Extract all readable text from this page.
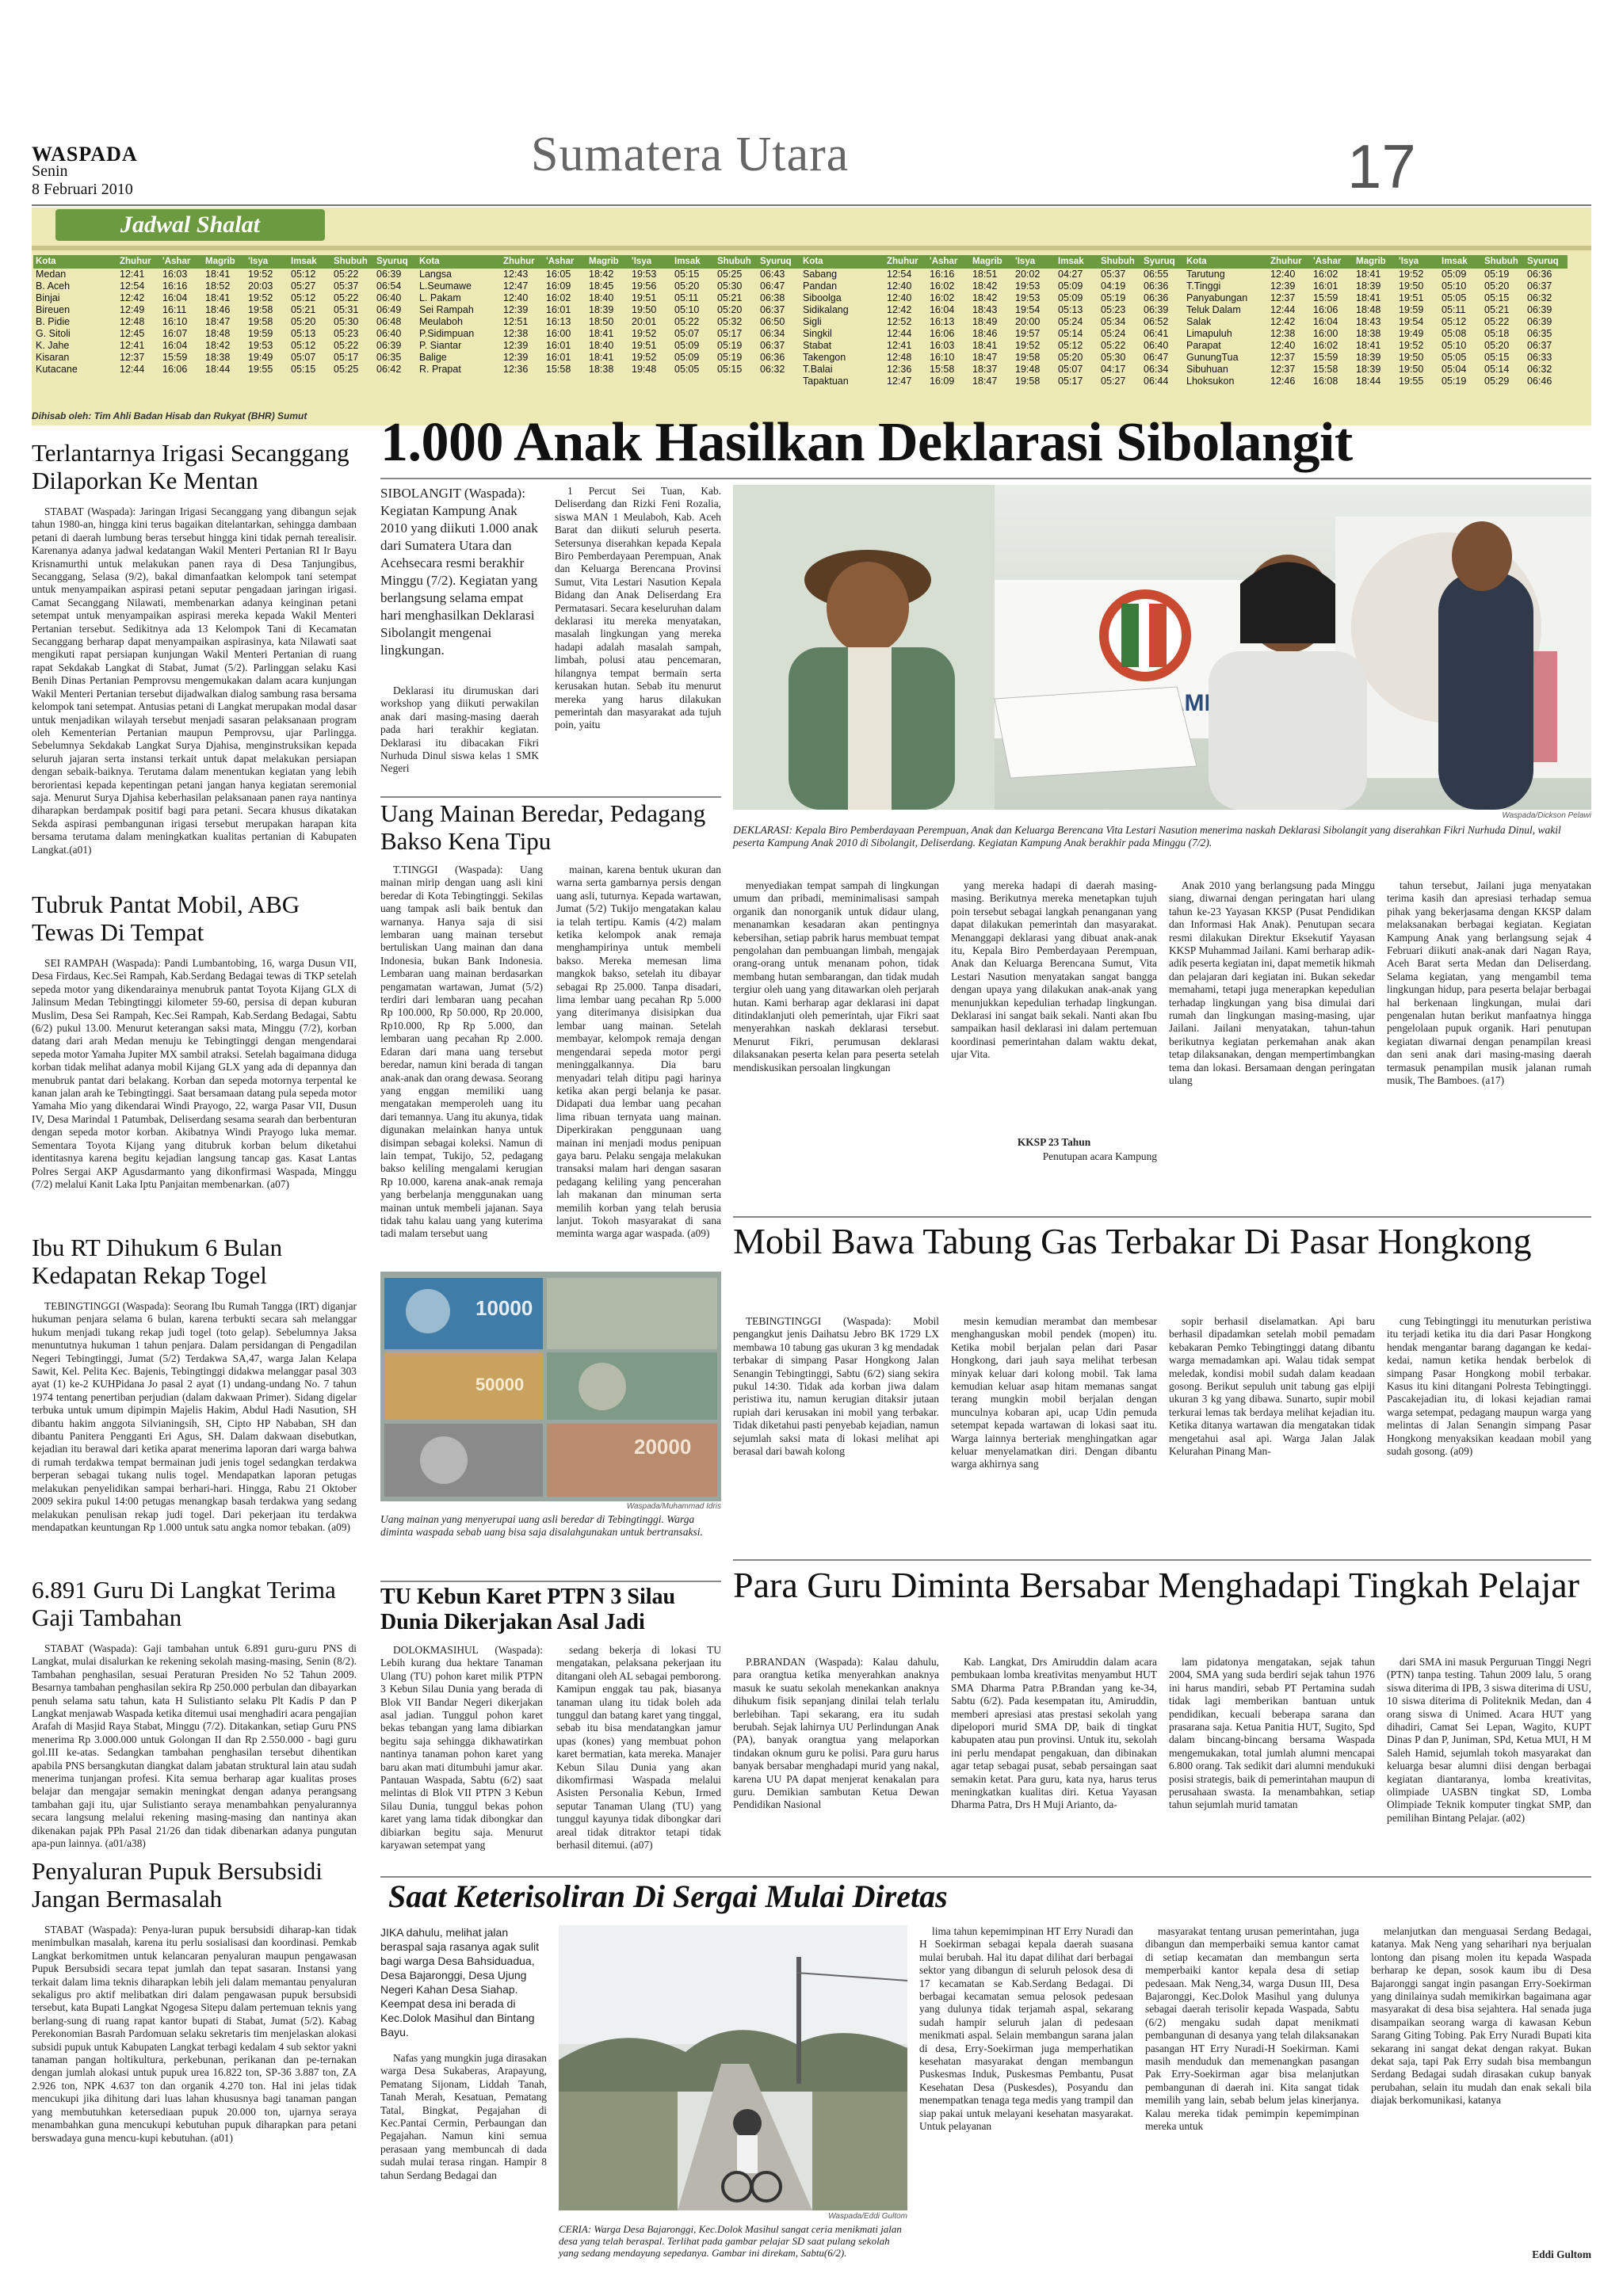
WASPADA
Senin
8 Februari 2010
Sumatera Utara	17
Jadwal Shalat
Kota	Zhuhur	'Ashar	Magrib	'Isya	Imsak	Shubuh	Syuruq
Medan	12:41	16:03	18:41	19:52	05:12	05:22	06:39
B. Aceh	12:54	16:16	18:52	20:03	05:27	05:37	06:54
Binjai	12:42	16:04	18:41	19:52	05:12	05:22	06:40
Bireuen	12:49	16:11	18:46	19:58	05:21	05:31	06:49
B. Pidie	12:48	16:10	18:47	19:58	05:20	05:30	06:48
G. Sitoli	12:45	16:07	18:48	19:59	05:13	05:23	06:40
K. Jahe	12:41	16:04	18:42	19:53	05:12	05:22	06:39
Kisaran	12:37	15:59	18:38	19:49	05:07	05:17	06:35
Kutacane	12:44	16:06	18:44	19:55	05:15	05:25	06:42
Kota	Zhuhur	'Ashar	Magrib	'Isya	Imsak	Shubuh	Syuruq
Langsa	12:43	16:05	18:42	19:53	05:15	05:25	06:43
L.Seumawe	12:47	16:09	18:45	19:56	05:20	05:30	06:47
L. Pakam	12:40	16:02	18:40	19:51	05:11	05:21	06:38
Sei Rampah	12:39	16:01	18:39	19:50	05:10	05:20	06:37
Meulaboh	12:51	16:13	18:50	20:01	05:22	05:32	06:50
P.Sidimpuan	12:38	16:00	18:41	19:52	05:07	05:17	06:34
P. Siantar	12:39	16:01	18:40	19:51	05:09	05:19	06:37
Balige	12:39	16:01	18:41	19:52	05:09	05:19	06:36
R. Prapat	12:36	15:58	18:38	19:48	05:05	05:15	06:32
Kota	Zhuhur	'Ashar	Magrib	'Isya	Imsak	Shubuh	Syuruq
Sabang	12:54	16:16	18:51	20:02	04:27	05:37	06:55
Pandan	12:40	16:02	18:42	19:53	05:09	04:19	06:36
Siboolga	12:40	16:02	18:42	19:53	05:09	05:19	06:36
Sidikalang	12:42	16:04	18:43	19:54	05:13	05:23	06:39
Sigli	12:52	16:13	18:49	20:00	05:24	05:34	06:52
Singkil	12:44	16:06	18:46	19:57	05:14	05:24	06:41
Stabat	12:41	16:03	18:41	19:52	05:12	05:22	06:40
Takengon	12:48	16:10	18:47	19:58	05:20	05:30	06:47
T.Balai	12:36	15:58	18:37	19:48	05:07	04:17	06:34
Tapaktuan	12:47	16:09	18:47	19:58	05:17	05:27	06:44
Kota	Zhuhur	'Ashar	Magrib	'Isya	Imsak	Shubuh	Syuruq
Tarutung	12:40	16:02	18:41	19:52	05:09	05:19	06:36
T.Tinggi	12:39	16:01	18:39	19:50	05:10	05:20	06:37
Panyabungan	12:37	15:59	18:41	19:51	05:05	05:15	06:32
Teluk Dalam	12:44	16:06	18:48	19:59	05:11	05:21	06:39
Salak	12:42	16:04	18:43	19:54	05:12	05:22	06:39
Limapuluh	12:38	16:00	18:38	19:49	05:08	05:18	06:35
Parapat	12:40	16:02	18:41	19:52	05:10	05:20	06:37
GunungTua	12:37	15:59	18:39	19:50	05:05	05:15	06:33
Sibuhuan	12:37	15:58	18:39	19:50	05:04	05:14	06:32
Lhoksukon	12:46	16:08	18:44	19:55	05:19	05:29	06:46
Dihisab oleh: Tim Ahli Badan Hisab dan Rukyat (BHR) Sumut
Terlantarnya Irigasi Secanggang Dilaporkan Ke Mentan

STABAT (Waspada): Jaringan Irigasi Secanggang yang dibangun sejak tahun 1980-an, hingga kini terus bagaikan ditelantarkan, sehingga dambaan petani di daerah lumbung beras tersebut hingga kini tidak pernah terealisir. Karenanya adanya jadwal kedatangan Wakil Menteri Pertanian RI Ir Bayu Krisnamurthi untuk melakukan panen raya di Desa Tanjungibus, Secanggang, Selasa (9/2), bakal dimanfaatkan kelompok tani setempat untuk menyampaikan aspirasi petani seputar pengadaan jaringan irigasi. Camat Secanggang Nilawati, membenarkan adanya keinginan petani setempat untuk menyampaikan aspirasi mereka kepada Wakil Menteri Pertanian tersebut. Sedikitnya ada 13 Kelompok Tani di Kecamatan Secanggang berharap dapat menyampaikan aspirasinya, kata Nilawati saat mengikuti rapat persiapan kunjungan Wakil Menteri Pertanian di ruang rapat Sekdakab Langkat di Stabat, Jumat (5/2). Parlinggan selaku Kasi Benih Dinas Pertanian Pemprovsu mengemukakan dalam acara kunjungan Wakil Menteri Pertanian tersebut dijadwalkan dialog sambung rasa bersama kelompok tani setempat. Antusias petani di Langkat merupakan modal dasar untuk menjadikan wilayah tersebut menjadi sasaran pelaksanaan program oleh Kementerian Pertanian maupun Pemprovsu, ujar Parlingga. Sebelumnya Sekdakab Langkat Surya Djahisa, menginstruksikan kepada seluruh jajaran serta instansi terkait untuk dapat melakukan persiapan dengan sebaik-baiknya. Terutama dalam menentukan kegiatan yang lebih berorientasi kepada kepentingan petani jangan hanya kegiatan seremonial saja. Menurut Surya Djahisa keberhasilan pelaksanaan panen raya nantinya diharapkan berdampak positif bagi para petani. Secara khusus dikatakan Sekda aspirasi pembangunan irigasi tersebut merupakan harapan kita bersama terutama dalam meningkatkan kualitas pertanian di Kabupaten Langkat.(a01)

Tubruk Pantat Mobil, ABG Tewas Di Tempat

SEI RAMPAH (Waspada): Pandi Lumbantobing, 16, warga Dusun VII, Desa Firdaus, Kec.Sei Rampah, Kab.Serdang Bedagai tewas di TKP setelah sepeda motor yang dikendarainya menubruk pantat Toyota Kijang GLX di Jalinsum Medan Tebingtinggi kilometer 59-60, persisa di depan kuburan Muslim, Desa Sei Rampah, Kec.Sei Rampah, Kab.Serdang Bedagai, Sabtu (6/2) pukul 13.00. Menurut keterangan saksi mata, Minggu (7/2), korban datang dari arah Medan menuju ke Tebingtinggi dengan mengendarai sepeda motor Yamaha Jupiter MX sambil atraksi. Setelah bagaimana diduga korban tidak melihat adanya mobil Kijang GLX yang ada di depannya dan menubruk pantat dari belakang. Korban dan sepeda motornya terpental ke kanan jalan arah ke Tebingtinggi. Saat bersamaan datang pula sepeda motor Yamaha Mio yang dikendarai Windi Prayogo, 22, warga Pasar VII, Dusun IV, Desa Marindal 1 Patumbak, Deliserdang sesama searah dan berbenturan dengan sepeda motor korban. Akibatnya Windi Prayogo luka memar. Sementara Toyota Kijang yang ditubruk korban belum diketahui identitasnya karena begitu kejadian langsung tancap gas. Kasat Lantas Polres Sergai AKP Agusdarmanto yang dikonfirmasi Waspada, Minggu (7/2) melalui Kanit Laka Iptu Panjaitan membenarkan. (a07)

Ibu RT Dihukum 6 Bulan Kedapatan Rekap Togel

TEBINGTINGGI (Waspada): Seorang Ibu Rumah Tangga (IRT) diganjar hukuman penjara selama 6 bulan, karena terbukti secara sah melanggar hukum menjadi tukang rekap judi togel (toto gelap). Sebelumnya Jaksa menuntutnya hukuman 1 tahun penjara. Dalam persidangan di Pengadilan Negeri Tebingtinggi, Jumat (5/2) Terdakwa SA,47, warga Jalan Kelapa Sawit, Kel. Pelita Kec. Bajenis, Tebingtinggi didakwa melanggar pasal 303 ayat (1) ke-2 KUHPidana Jo pasal 2 ayat (1) undang-undang No. 7 tahun 1974 tentang penertiban perjudian (dalam dakwaan Primer). Sidang digelar terbuka untuk umum dipimpin Majelis Hakim, Abdul Hadi Nasution, SH dibantu hakim anggota Silvianingsih, SH, Cipto HP Nababan, SH dan dibantu Panitera Pengganti Eri Agus, SH. Dalam dakwaan disebutkan, kejadian itu berawal dari ketika aparat menerima laporan dari warga bahwa di rumah terdakwa tempat bermainan judi jenis togel sedangkan terdakwa berperan sebagai tukang nulis togel. Mendapatkan laporan petugas melakukan penyelidikan sampai berhari-hari. Hingga, Rabu 21 Oktober 2009 sekira pukul 14:00 petugas menangkap basah terdakwa yang sedang melakukan penulisan rekap judi togel. Dari pekerjaan itu terdakwa mendapatkan keuntungan Rp 1.000 untuk satu angka nomor tebakan. (a09)

6.891 Guru Di Langkat Terima Gaji Tambahan

STABAT (Waspada): Gaji tambahan untuk 6.891 guru-guru PNS di Langkat, mulai disalurkan ke rekening sekolah masing-masing, Senin (8/2). Tambahan penghasilan, sesuai Peraturan Presiden No 52 Tahun 2009. Besarnya tambahan penghasilan sekira Rp 250.000 perbulan dan dibayarkan penuh selama satu tahun, kata H Sulistianto selaku Plt Kadis P dan P Langkat menjawab Waspada ketika ditemui usai menghadiri acara pengajian Arafah di Masjid Raya Stabat, Minggu (7/2). Ditakankan, setiap Guru PNS menerima Rp 3.000.000 untuk Golongan II dan Rp 2.550.000 - bagi guru gol.III ke-atas. Sedangkan tambahan penghasilan tersebut dihentikan apabila PNS bersangkutan diangkat dalam jabatan struktural lain atau sudah menerima tunjangan profesi. Kita semua berharap agar kualitas proses belajar dan mengajar semakin meningkat dengan adanya perangsang tambahan gaji itu, ujar Sulistianto seraya menambahkan penyalurannya secara langsung melalui rekening masing-masing dan nantinya akan dikenakan pajak PPh Pasal 21/26 dan tidak dibenarkan adanya pungutan apa-pun lainnya. (a01/a38)

Penyaluran Pupuk Bersubsidi Jangan Bermasalah

STABAT (Waspada): Penya-luran pupuk bersubsidi diharap-kan tidak menimbulkan masalah, karena itu perlu sosialisasi dan koordinasi. Pemkab Langkat berkomitmen untuk kelancaran penyaluran maupun pengawasan Pupuk Bersubsidi secara tepat jumlah dan tepat sasaran. Instansi yang terkait dalam lima teknis diharapkan lebih jeli dalam memantau penyaluran sekaligus pro aktif melibatkan diri dalam pengawasan pupuk bersubsidi tersebut, kata Bupati Langkat Ngogesa Sitepu dalam pertemuan teknis yang berlang-sung di ruang rapat kantor bupati di Stabat, Jumat (5/2). Kabag Perekonomian Basrah Pardomuan selaku sekretaris tim menjelaskan alokasi subsidi pupuk untuk Kabupaten Langkat terbagi kedalam 4 sub sektor yakni tanaman pangan holtikultura, perkebunan, perikanan dan pe-ternakan dengan jumlah alokasi untuk pupuk urea 16.822 ton, SP-36 3.887 ton, ZA 2.926 ton, NPK 4.637 ton dan organik 4.270 ton. Hal ini jelas tidak mencukupi jika dihitung dari luas lahan khususnya bagi tanaman pangan yang membutuhkan ketersediaan pupuk 20.000 ton, ujarnya seraya menambahkan guna mencukupi kebutuhan pupuk diharapkan para petani berswadaya guna mencu-kupi kebutuhan. (a01)

1.000 Anak Hasilkan Deklarasi Sibolangit

SIBOLANGIT (Waspada): Kegiatan Kampung Anak 2010 yang diikuti 1.000 anak dari Sumatera Utara dan Acehsecara resmi berakhir Minggu (7/2). Kegiatan yang berlangsung selama empat hari menghasilkan Deklarasi Sibolangit mengenai lingkungan.

Deklarasi itu dirumuskan dari workshop yang diikuti perwakilan anak dari masing-masing daerah pada hari terakhir kegiatan. Deklarasi itu dibacakan Fikri Nurhuda Dinul siswa kelas 1 SMK Negeri

1 Percut Sei Tuan, Kab. Deliserdang dan Rizki Feni Rozalia, siswa MAN 1 Meulaboh, Kab. Aceh Barat dan diikuti seluruh peserta. Setersunya diserahkan kepada Kepala Biro Pemberdayaan Perempuan, Anak dan Keluarga Berencana Provinsi Sumut, Vita Lestari Nasution Kepala Bidang dan Anak Deliserdang Era Permatasari. Secara keseluruhan dalam deklarasi itu mereka menyatakan, masalah lingkungan yang mereka hadapi adalah masalah sampah, limbah, polusi atau pencemaran, hilangnya tempat bermain serta kerusakan hutan. Sebab itu menurut mereka yang harus dilakukan pemerintah dan masyarakat ada tujuh poin, yaitu

Waspada/Dickson Pelawi
DEKLARASI: Kepala Biro Pemberdayaan Perempuan, Anak dan Keluarga Berencana Vita Lestari Nasution menerima naskah Deklarasi Sibolangit yang diserahkan Fikri Nurhuda Dinul, wakil peserta Kampung Anak 2010 di Sibolangit, Deliserdang. Kegiatan Kampung Anak berakhir pada Minggu (7/2).

menyediakan tempat sampah di lingkungan umum dan pribadi, meminimalisasi sampah organik dan nonorganik untuk didaur ulang, menanamkan kesadaran akan pentingnya kebersihan, setiap pabrik harus membuat tempat pengolahan dan pembuangan limbah, mengajak orang-orang untuk menanam pohon, tidak membang hutan sembarangan, dan tidak mudah tergiur oleh uang yang ditawarkan oleh perjarah hutan. Kami berharap agar deklarasi ini dapat ditindaklanjuti oleh pemerintah, ujar Fikri saat menyerahkan naskah deklarasi tersebut. Menurut Fikri, perumusan deklarasi dilaksanakan peserta kelan para peserta setelah mendiskusikan persoalan lingkungan

yang mereka hadapi di daerah masing-masing. Berikutnya mereka menetapkan tujuh poin tersebut sebagai langkah penanganan yang dapat dilakukan pemerintah dan masyarakat. Menanggapi deklarasi yang dibuat anak-anak itu, Kepala Biro Pemberdayaan Perempuan, Anak dan Keluarga Berencana Sumut, Vita Lestari Nasution menyatakan sangat bangga dengan upaya yang dilakukan anak-anak yang menunjukkan kepedulian terhadap lingkungan. Deklarasi ini sangat baik sekali. Nanti akan Ibu sampaikan hasil deklarasi ini dalam pertemuan koordinasi pemerintahan dalam waktu dekat, ujar Vita.

KKSP 23 Tahun
Penutupan acara Kampung

Anak 2010 yang berlangsung pada Minggu siang, diwarnai dengan peringatan hari ulang tahun ke-23 Yayasan KKSP (Pusat Pendidikan dan Informasi Hak Anak). Penutupan secara resmi dilakukan Direktur Eksekutif Yayasan KKSP Muhammad Jailani. Kami berharap adik-adik peserta kegiatan ini, dapat memetik hikmah dan pelajaran dari kegiatan ini. Bukan sekedar memahami, tetapi juga menerapkan kepedulian terhadap lingkungan yang bisa dimulai dari rumah dan lingkungan masing-masing, ujar Jailani. Jailani menyatakan, tahun-tahun berikutnya kegiatan perkemahan anak akan tetap dilaksanakan, dengan mempertimbangkan tema dan lokasi. Bersamaan dengan peringatan ulang

tahun tersebut, Jailani juga menyatakan terima kasih dan apresiasi terhadap semua pihak yang bekerjasama dengan KKSP dalam melaksanakan berbagai kegiatan. Kegiatan Kampung Anak yang berlangsung sejak 4 Februari diikuti anak-anak dari Nagan Raya, Aceh Barat serta Medan dan Deliserdang. Selama kegiatan, yang mengambil tema lingkungan hidup, para peserta belajar berbagai hal berkenaan lingkungan, mulai dari pengenalan hutan berikut manfaatnya hingga pengelolaan pupuk organik. Hari penutupan kegiatan diwarnai dengan penampilan kreasi dan seni anak dari masing-masing daerah termasuk penampilan musik jalanan rumah musik, The Bamboes. (a17)

Uang Mainan Beredar, Pedagang Bakso Kena Tipu

T.TINGGI (Waspada): Uang mainan mirip dengan uang asli kini beredar di Kota Tebingtinggi. Sekilas uang tampak asli baik bentuk dan warnanya. Hanya saja di sisi lembaran uang mainan tersebut bertuliskan Uang mainan dan dana Indonesia, bukan Bank Indonesia. Lembaran uang mainan berdasarkan pengamatan wartawan, Jumat (5/2) terdiri dari lembaran uang pecahan Rp 100.000, Rp 50.000, Rp 20.000, Rp10.000, Rp Rp 5.000, dan lembaran uang pecahan Rp 2.000. Edaran dari mana uang tersebut beredar, namun kini berada di tangan anak-anak dan orang dewasa. Seorang yang enggan memiliki uang mengatakan memperoleh uang itu dari temannya. Uang itu akunya, tidak digunakan melainkan hanya untuk disimpan sebagai koleksi. Namun di lain tempat, Tukijo, 52, pedagang bakso keliling mengalami kerugian Rp 10.000, karena anak-anak remaja yang berbelanja menggunakan uang mainan untuk membeli jajanan. Saya tidak tahu kalau uang yang kuterima tadi malam tersebut uang

mainan, karena bentuk ukuran dan warna serta gambarnya persis dengan uang asli, tuturnya. Kepada wartawan, Jumat (5/2) Tukijo mengatakan kalau ia telah tertipu. Kamis (4/2) malam ketika kelompok anak remaja menghampirinya untuk membeli bakso. Mereka memesan lima mangkok bakso, setelah itu dibayar sebagai Rp 25.000. Tanpa disadari, lima lembar uang pecahan Rp 5.000 yang diterimanya disisipkan dua lembar uang mainan. Setelah membayar, kelompok remaja dengan mengendarai sepeda motor pergi meninggalkannya. Dia baru menyadari telah ditipu pagi harinya ketika akan pergi belanja ke pasar. Didapati dua lembar uang pecahan lima ribuan ternyata uang mainan. Diperkirakan penggunaan uang mainan ini menjadi modus penipuan gaya baru. Pelaku sengaja melakukan transaksi malam hari dengan sasaran pedagang keliling yang pencerahan lah makanan dan minuman serta memilih korban yang telah berusia lanjut. Tokoh masyarakat di sana meminta warga agar waspada. (a09)

10000
20000
50000
Waspada/Muhammad Idris
Uang mainan yang menyerupai uang asli beredar di Tebingtinggi. Warga diminta waspada sebab uang bisa saja disalahgunakan untuk bertransaksi.
Mobil Bawa Tabung Gas Terbakar Di Pasar Hongkong

TEBINGTINGGI (Waspada): Mobil pengangkut jenis Daihatsu Jebro BK 1729 LX membawa 10 tabung gas ukuran 3 kg mendadak terbakar di simpang Pasar Hongkong Jalan Senangin Tebingtinggi, Sabtu (6/2) siang sekira pukul 14:30. Tidak ada korban jiwa dalam peristiwa itu, namun kerugian ditaksir jutaan rupiah dari kerusakan ini mobil yang terbakar. Tidak diketahui pasti penyebab kejadian, namun sejumlah saksi mata di lokasi melihat api berasal dari bawah kolong

mesin kemudian merambat dan membesar menghanguskan mobil pendek (mopen) itu. Ketika mobil berjalan pelan dari Pasar Hongkong, dari jauh saya melihat terbesan minyak keluar dari kolong mobil. Tak lama kemudian keluar asap hitam memanas sangat terang mungkin mobil berjalan dengan munculnya kobaran api, ucap Udin pemuda setempat kepada wartawan di lokasi saat itu. Warga lainnya berteriak menghingatkan agar keluar menyelamatkan diri. Dengan dibantu warga akhirnya sang

sopir berhasil diselamatkan. Api baru berhasil dipadamkan setelah mobil pemadam kebakaran Pemko Tebingtinggi datang dibantu warga memadamkan api. Walau tidak sempat meledak, kondisi mobil sudah dalam keadaan gosong. Berikut sepuluh unit tabung gas elpiji ukuran 3 kg yang dibawa. Sunarto, supir mobil terkurai lemas tak berdaya melihat kejadian itu. Ketika ditanya wartawan dia mengatakan tidak mengetahui asal api. Warga Jalan Jalak Kelurahan Pinang Man-

cung Tebingtinggi itu menuturkan peristiwa itu terjadi ketika itu dia dari Pasar Hongkong hendak mengantar barang dagangan ke kedai-kedai, namun ketika hendak berbelok di simpang Pasar Hongkong mobil terbakar. Kasus itu kini ditangani Polresta Tebingtinggi. Pascakejadian itu, di lokasi kejadian ramai warga setempat, pedagang maupun warga yang melintas di Jalan Senangin simpang Pasar Hongkong menyaksikan keadaan mobil yang sudah gosong. (a09)

Para Guru Diminta Bersabar Menghadapi Tingkah Pelajar

P.BRANDAN (Waspada): Kalau dahulu, para orangtua ketika menyerahkan anaknya masuk ke suatu sekolah menekankan anaknya dihukum fisik sepanjang dinilai telah terlalu berlebihan. Tapi sekarang, era itu sudah berubah. Sejak lahirnya UU Perlindungan Anak (PA), banyak orangtua yang melaporkan tindakan oknum guru ke polisi. Para guru harus banyak bersabar menghadapi murid yang nakal, karena UU PA dapat menjerat kenakalan para guru. Demikian sambutan Ketua Dewan Pendidikan Nasional

Kab. Langkat, Drs Amiruddin dalam acara pembukaan lomba kreativitas menyambut HUT SMA Dharma Patra P.Brandan yang ke-34, Sabtu (6/2). Pada kesempatan itu, Amiruddin, memberi apresiasi atas prestasi sekolah yang dipelopori murid SMA DP, baik di tingkat kabupaten atau pun provinsi. Untuk itu, sekolah ini perlu mendapat pengakuan, dan dibinakan agar tetap sebagai pusat, sebab persaingan saat semakin ketat. Para guru, kata nya, harus terus meningkatkan kualitas diri. Ketua Yayasan Dharma Patra, Drs H Muji Arianto, da-

lam pidatonya mengatakan, sejak tahun 2004, SMA yang suda berdiri sejak tahun 1976 ini harus mandiri, sebab PT Pertamina sudah tidak lagi memberikan bantuan untuk pendidikan, kecuali beberapa sarana dan prasarana saja. Ketua Panitia HUT, Sugito, Spd dalam bincang-bincang bersama Waspada mengemukakan, total jumlah alumni mencapai 6.800 orang. Tak sedikit dari alumni mendukuki posisi strategis, baik di pemerintahan maupun di perusahaan swasta. Ia menambahkan, setiap tahun sejumlah murid tamatan

dari SMA ini masuk Perguruan Tinggi Negri (PTN) tanpa testing. Tahun 2009 lalu, 5 orang siswa diterima di IPB, 3 siswa diterima di USU, 10 siswa diterima di Politeknik Medan, dan 4 orang siswa di Unimed. Acara HUT yang dihadiri, Camat Sei Lepan, Wagito, KUPT Dinas P dan P, Juniman, SPd, Ketua MUI, H M Saleh Hamid, sejumlah tokoh masyarakat dan keluarga besar alumni diisi dengan berbagai kegiatan diantaranya, lomba kreativitas, olimpiade UASBN tingkat SD, Lomba Olimpiade Teknik komputer tingkat SMP, dan pemilihan Bintang Pelajar. (a02)

TU Kebun Karet PTPN 3 Silau Dunia Dikerjakan Asal Jadi

DOLOKMASIHUL (Waspada): Lebih kurang dua hektare Tanaman Ulang (TU) pohon karet milik PTPN 3 Kebun Silau Dunia yang berada di Blok VII Bandar Negeri dikerjakan asal jadian. Tunggul pohon karet bekas tebangan yang lama dibiarkan begitu saja sehingga dikhawatirkan nantinya tanaman pohon karet yang baru akan mati ditumbuhi jamur akar. Pantauan Waspada, Sabtu (6/2) saat melintas di Blok VII PTPN 3 Kebun Silau Dunia, tunggul bekas pohon karet yang lama tidak dibongkar dan dibiarkan begitu saja. Menurut karyawan setempat yang

sedang bekerja di lokasi TU mengatakan, pelaksana pekerjaan itu ditangani oleh AL sebagai pemborong. Kamipun enggak tau pak, biasanya tanaman ulang itu tidak boleh ada tunggul dan batang karet yang tinggal, sebab itu bisa mendatangkan jamur upas (kones) yang membuat pohon karet bermatian, kata mereka. Manajer Kebun Silau Dunia yang akan dikomfirmasi Waspada melalui Asisten Personalia Kebun, Irmed seputar Tanaman Ulang (TU) yang tunggul kayunya tidak dibongkar dari areal tidak ditraktor tetapi tidak berhasil ditemui. (a07)

Saat Keterisoliran Di Sergai Mulai Diretas

JIKA dahulu, melihat jalan beraspal saja rasanya agak sulit bagi warga Desa Bahsiduadua, Desa Bajaronggi, Desa Ujung Negeri Kahan Desa Siahap. Keempat desa ini berada di Kec.Dolok Masihul dan Bintang Bayu.

Nafas yang mungkin juga dirasakan warga Desa Sukaberas, Arapayung, Pematang Sijonam, Liddah Tanah, Tanah Merah, Kesatuan, Pematang Tatal, Bingkat, Pegajahan di Kec.Pantai Cermin, Perbaungan dan Pegajahan. Namun kini semua perasaan yang membuncah di dada sudah mulai terasa ringan. Hampir 8 tahun Serdang Bedagai dan

Waspada/Eddi Gultom
CERIA: Warga Desa Bajaronggi, Kec.Dolok Masihul sangat ceria menikmati jalan desa yang telah beraspal. Terlihat pada gambar pelajar SD saat pulang sekolah yang sedang mendayung sepedanya. Gambar ini direkam, Sabtu(6/2).

lima tahun kepemimpinan HT Erry Nuradi dan H Soekirman sebagai kepala daerah suasana mulai berubah. Hal itu dapat dilihat dari berbagai sektor yang dibangun di seluruh pelosok desa di 17 kecamatan se Kab.Serdang Bedagai. Di berbagai kecamatan semua pelosok pedesaan yang dulunya tidak terjamah aspal, sekarang sudah hampir seluruh jalan di pedesaan menikmati aspal. Selain membangun sarana jalan di desa, Erry-Soekirman juga memperhatikan kesehatan masyarakat dengan membangun Puskesmas Induk, Puskesmas Pembantu, Pusat Kesehatan Desa (Puskesdes), Posyandu dan menempatkan tenaga tega medis yang trampil dan siap pakai untuk melayani kesehatan masyarakat. Untuk pelayanan

masyarakat tentang urusan pemerintahan, juga dibangun dan memperbaiki semua kantor camat di setiap kecamatan dan membangun serta memperbaiki kantor kepala desa di setiap pedesaan. Mak Neng,34, warga Dusun III, Desa Bajaronggi, Kec.Dolok Masihul yang dulunya sebagai daerah terisolir kepada Waspada, Sabtu (6/2) mengaku sudah dapat menikmati pembangunan di desanya yang telah dilaksanakan pasangan HT Erry Nuradi-H Soekirman. Kami masih menduduk dan memenangkan pasangan Pak Erry-Soekirman agar bisa melanjutkan pembangunan di daerah ini. Kita sangat tidak memilih yang lain, sebab belum jelas kinerjanya. Kalau mereka tidak pemimpin kepemimpinan mereka untuk

melanjutkan dan menguasai Serdang Bedagai, katanya. Mak Neng yang seharihari nya berjualan lontong dan pisang molen itu kepada Waspada berharap ke depan, sosok kaum ibu di Desa Bajaronggi sangat ingin pasangan Erry-Soekirman yang dinilainya sudah memikirkan bagaimana agar masyarakat di desa bisa sejahtera. Hal senada juga disampaikan seorang warga di kawasan Kebun Sarang Giting Tobing. Pak Erry Nuradi Bupati kita sekarang ini sangat dekat dengan rakyat. Bukan dekat saja, tapi Pak Erry sudah bisa membangun Serdang Bedagai sudah dirasakan cukup banyak perubahan, selain itu mudah dan enak sekali bila diajak berkomunikasi, katanya

Eddi Gultom
